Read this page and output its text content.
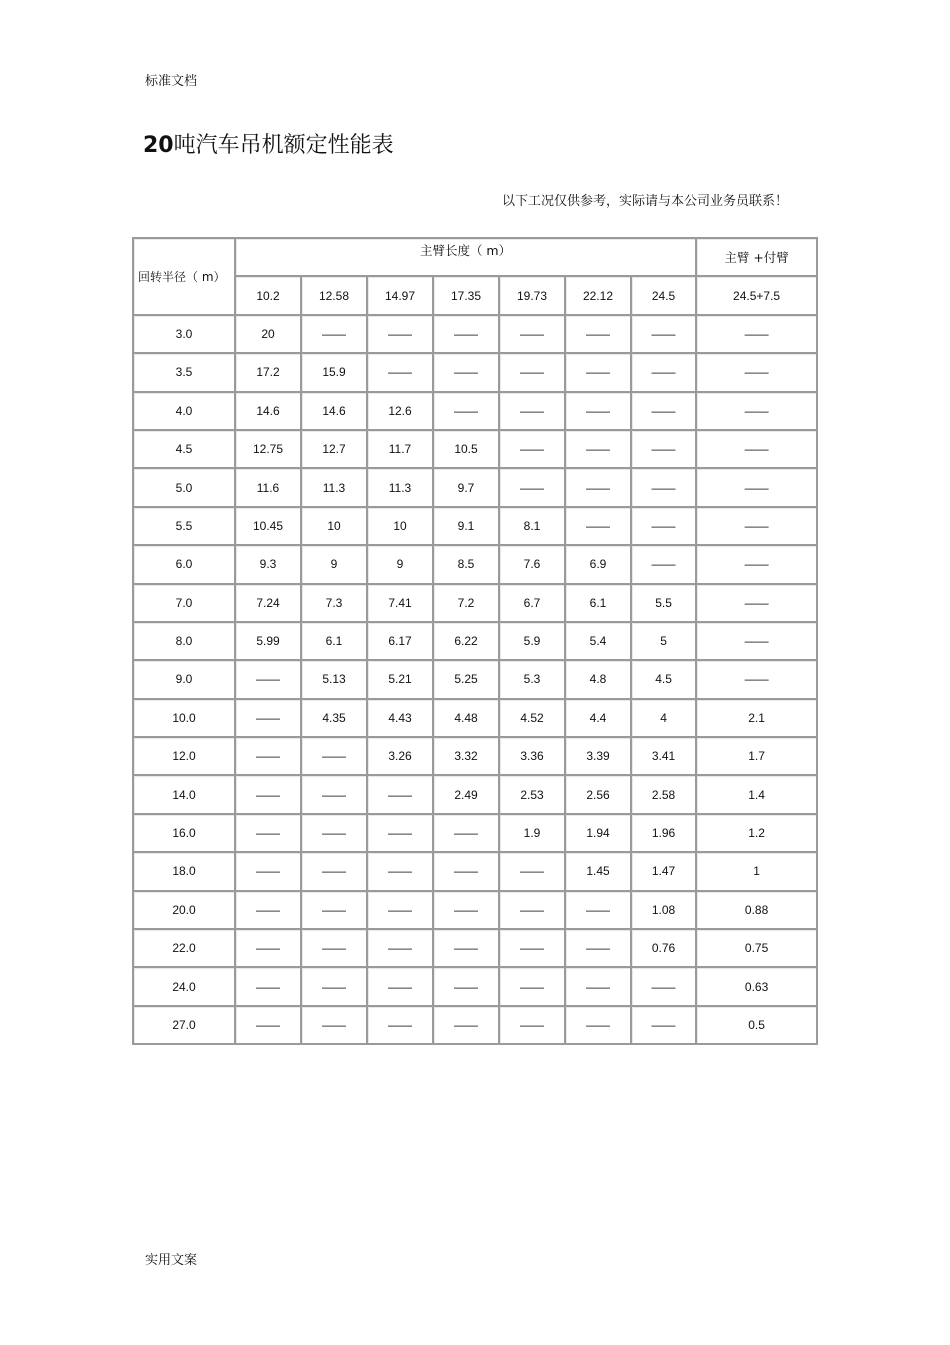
标准文档
20吨汽车吊机额定性能表
以下工况仅供参考，实际请与本公司业务员联系！
回转半径（ m）	主臂长度（ m）							主臂 +付臂
	10.2	12.58	14.97	17.35	19.73	22.12	24.5	24.5+7.5
3.0	20	——	——	——	——	——	——	——
3.5	17.2	15.9	——	——	——	——	——	——
4.0	14.6	14.6	12.6	——	——	——	——	——
4.5	12.75	12.7	11.7	10.5	——	——	——	——
5.0	11.6	11.3	11.3	9.7	——	——	——	——
5.5	10.45	10	10	9.1	8.1	——	——	——
6.0	9.3	9	9	8.5	7.6	6.9	——	——
7.0	7.24	7.3	7.41	7.2	6.7	6.1	5.5	——
8.0	5.99	6.1	6.17	6.22	5.9	5.4	5	——
9.0	——	5.13	5.21	5.25	5.3	4.8	4.5	——
10.0	——	4.35	4.43	4.48	4.52	4.4	4	2.1
12.0	——	——	3.26	3.32	3.36	3.39	3.41	1.7
14.0	——	——	——	2.49	2.53	2.56	2.58	1.4
16.0	——	——	——	——	1.9	1.94	1.96	1.2
18.0	——	——	——	——	——	1.45	1.47	1
20.0	——	——	——	——	——	——	1.08	0.88
22.0	——	——	——	——	——	——	0.76	0.75
24.0	——	——	——	——	——	——	——	0.63
27.0	——	——	——	——	——	——	——	0.5
实用文案
